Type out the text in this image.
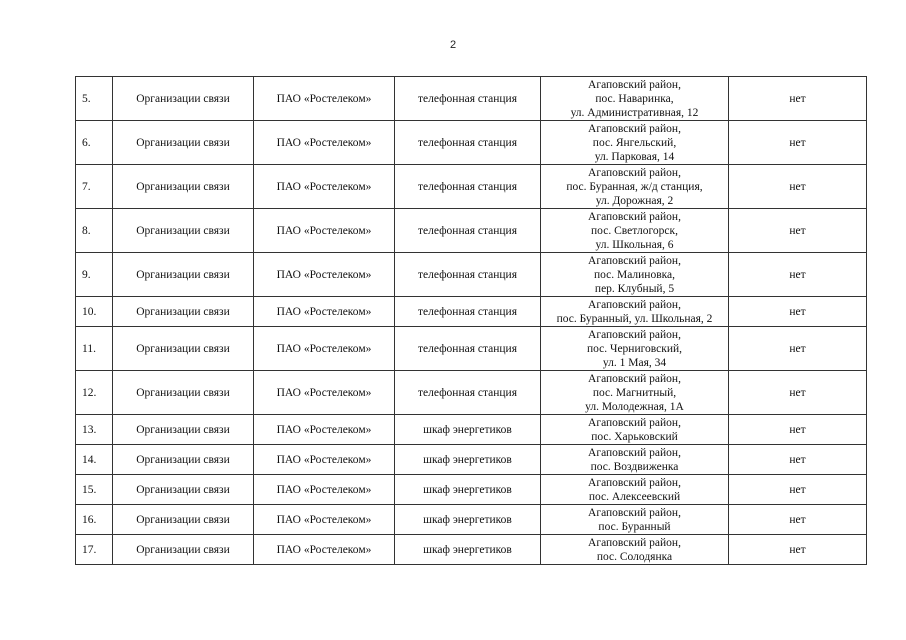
2
5.	Организации связи	ПАО «Ростелеком»	телефонная станция	Агаповский район,
пос. Наваринка,
ул. Административная, 12	нет
6.	Организации связи	ПАО «Ростелеком»	телефонная станция	Агаповский район,
пос. Янгельский,
ул. Парковая, 14	нет
7.	Организации связи	ПАО «Ростелеком»	телефонная станция	Агаповский район,
пос. Буранная, ж/д станция,
ул. Дорожная, 2	нет
8.	Организации связи	ПАО «Ростелеком»	телефонная станция	Агаповский район,
пос. Светлогорск,
ул. Школьная, 6	нет
9.	Организации связи	ПАО «Ростелеком»	телефонная станция	Агаповский район,
пос. Малиновка,
пер. Клубный, 5	нет
10.	Организации связи	ПАО «Ростелеком»	телефонная станция	Агаповский район,
пос. Буранный, ул. Школьная, 2	нет
11.	Организации связи	ПАО «Ростелеком»	телефонная станция	Агаповский район,
пос. Черниговский,
ул. 1 Мая, 34	нет
12.	Организации связи	ПАО «Ростелеком»	телефонная станция	Агаповский район,
пос. Магнитный,
ул. Молодежная, 1А	нет
13.	Организации связи	ПАО «Ростелеком»	шкаф энергетиков	Агаповский район,
пос. Харьковский	нет
14.	Организации связи	ПАО «Ростелеком»	шкаф энергетиков	Агаповский район,
пос. Воздвиженка	нет
15.	Организации связи	ПАО «Ростелеком»	шкаф энергетиков	Агаповский район,
пос. Алексеевский	нет
16.	Организации связи	ПАО «Ростелеком»	шкаф энергетиков	Агаповский район,
пос. Буранный	нет
17.	Организации связи	ПАО «Ростелеком»	шкаф энергетиков	Агаповский район,
пос. Солодянка	нет
